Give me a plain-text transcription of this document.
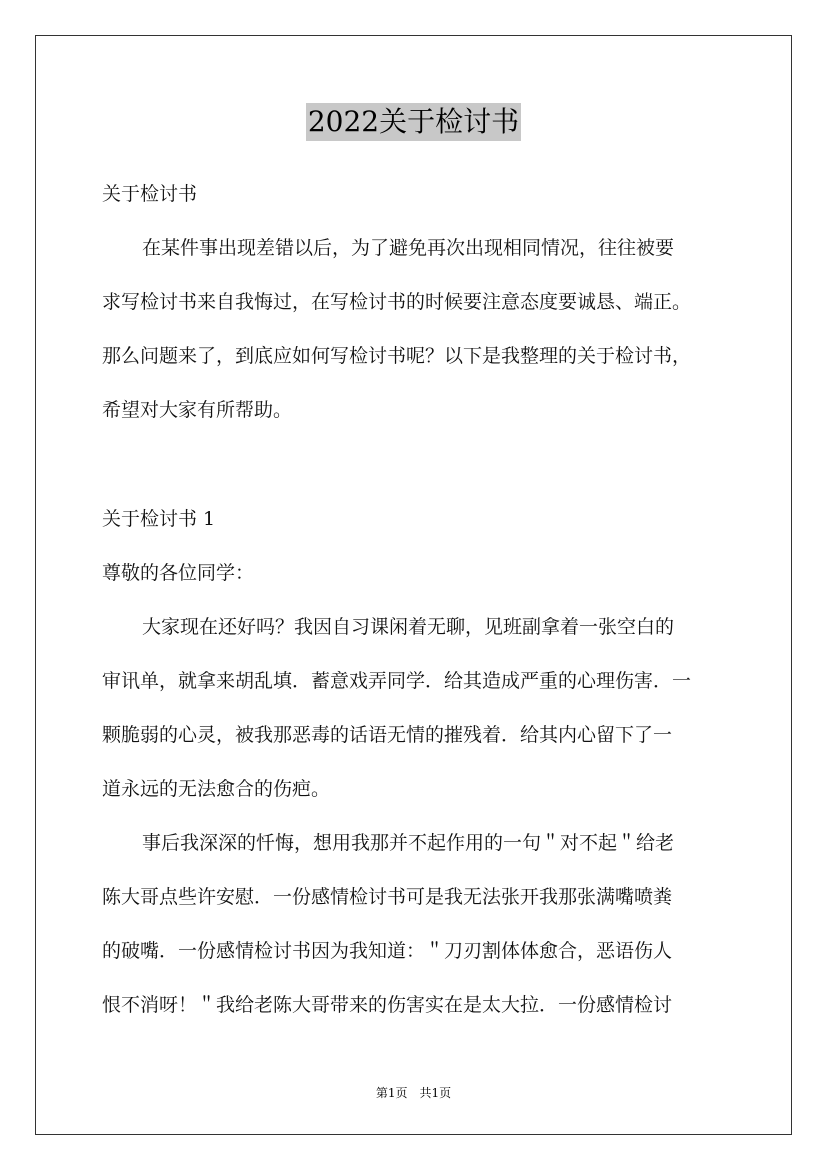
2022关于检讨书
关于检讨书
在某件事出现差错以后，为了避免再次出现相同情况，往往被要
求写检讨书来自我悔过，在写检讨书的时候要注意态度要诚恳、端正。
那么问题来了，到底应如何写检讨书呢？以下是我整理的关于检讨书，
希望对大家有所帮助。
关于检讨书 1
尊敬的各位同学：
大家现在还好吗？我因自习课闲着无聊，见班副拿着一张空白的
审讯单，就拿来胡乱填．蓄意戏弄同学．给其造成严重的心理伤害．一
颗脆弱的心灵，被我那恶毒的话语无情的摧残着．给其内心留下了一
道永远的无法愈合的伤疤。
事后我深深的忏悔，想用我那并不起作用的一句＂对不起＂给老
陈大哥点些许安慰．一份感情检讨书可是我无法张开我那张满嘴喷粪
的破嘴．一份感情检讨书因为我知道：＂刀刃割体体愈合，恶语伤人
恨不消呀！＂我给老陈大哥带来的伤害实在是太大拉．一份感情检讨
第1页　共1页
